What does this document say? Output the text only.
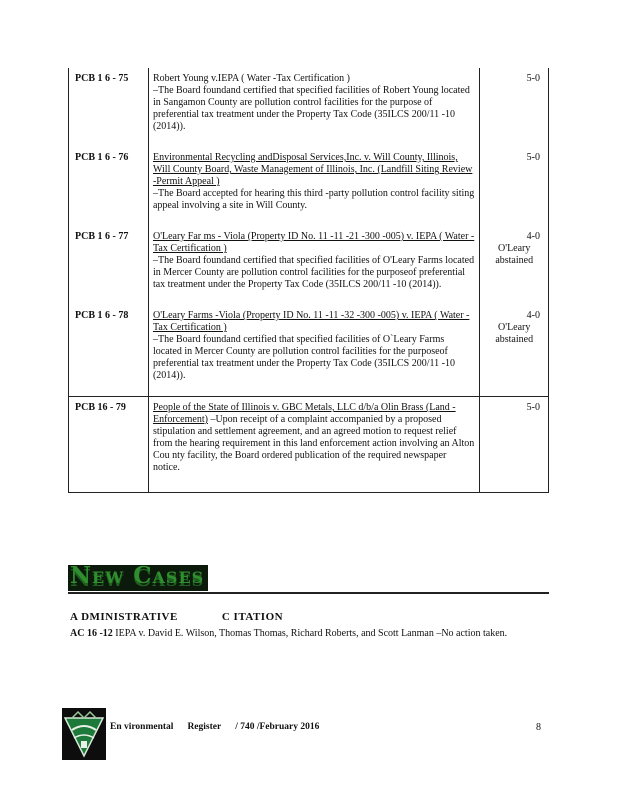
PCB 1 6 - 75	Robert Young v.IEPA ( Water -Tax Certification )
–The Board foundand certified that specified facilities of Robert Young located in Sangamon County are pollution control facilities for the purpose of preferential tax treatment under the Property Tax Code (35ILCS 200/11 -10 (2014)).	5-0

PCB 1 6 - 76	Environmental Recycling andDisposal Services,Inc. v. Will County, Illinois, Will County Board, Waste Management of Illinois, Inc. (Landfill Siting Review -Permit Appeal )
–The Board accepted for hearing this third -party pollution control facility siting appeal involving a site in Will County.	5-0

PCB 1 6 - 77	O'Leary Far ms - Viola (Property ID No. 11 -11 -21 -300 -005) v. IEPA ( Water -Tax Certification )
–The Board foundand certified that specified facilities of O'Leary Farms located in Mercer County are pollution control facilities for the purposeof preferential tax treatment under the Property Tax Code (35ILCS 200/11 -10 (2014)).	4-0
O'Leary abstained

PCB 1 6 - 78	O'Leary Farms -Viola (Property ID No. 11 -11 -32 -300 -005) v. IEPA ( Water -Tax Certification )
–The Board foundand certified that specified facilities of O`Leary Farms located in Mercer County are pollution control facilities for the purposeof preferential tax treatment under the Property Tax Code (35ILCS 200/11 -10 (2014)).	4-0
O'Leary abstained

PCB 16 - 79	People of the State of Illinois v. GBC Metals, LLC d/b/a Olin Brass (Land -Enforcement) –Upon receipt of a complaint accompanied by a proposed stipulation and settlement agreement, and an agreed motion to request relief from the hearing requirement in this land enforcement action involving an Alton Cou nty facility, the Board ordered publication of the required newspaper notice.	5-0
New Cases
A DMINISTRATIVE	C ITATION
AC 16 -12 IEPA v. David E. Wilson, Thomas Thomas, Richard Roberts, and Scott Lanman –No action taken.
En vironmental Register / 740 /February 2016	8
